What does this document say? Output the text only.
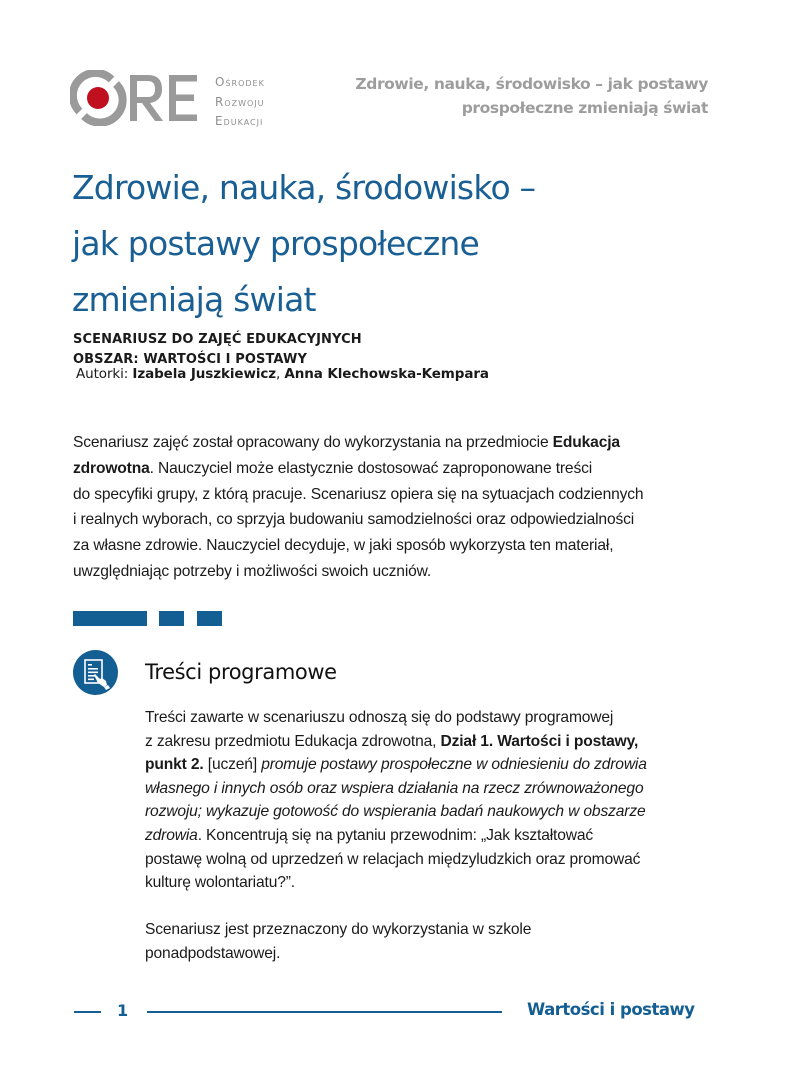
Ośrodek
Rozwoju
Edukacji
Zdrowie, nauka, środowisko – jak postawy
prospołeczne zmieniają świat
Zdrowie, nauka, środowisko –
jak postawy prospołeczne
zmieniają świat
SCENARIUSZ DO ZAJĘĆ EDUKACYJNYCH
OBSZAR: WARTOŚCI I POSTAWY
Autorki: Izabela Juszkiewicz, Anna Klechowska-Kempara
Scenariusz zajęć został opracowany do wykorzystania na przedmiocie Edukacja
zdrowotna. Nauczyciel może elastycznie dostosować zaproponowane treści
do specyfiki grupy, z którą pracuje. Scenariusz opiera się na sytuacjach codziennych
i realnych wyborach, co sprzyja budowaniu samodzielności oraz odpowiedzialności
za własne zdrowie. Nauczyciel decyduje, w jaki sposób wykorzysta ten materiał,
uwzględniając potrzeby i możliwości swoich uczniów.
Treści programowe
Treści zawarte w scenariuszu odnoszą się do podstawy programowej
z zakresu przedmiotu Edukacja zdrowotna, Dział 1. Wartości i postawy,
punkt 2. [uczeń] promuje postawy prospołeczne w odniesieniu do zdrowia
własnego i innych osób oraz wspiera działania na rzecz zrównoważonego
rozwoju; wykazuje gotowość do wspierania badań naukowych w obszarze
zdrowia. Koncentrują się na pytaniu przewodnim: „Jak kształtować
postawę wolną od uprzedzeń w relacjach międzyludzkich oraz promować
kulturę wolontariatu?”.
Scenariusz jest przeznaczony do wykorzystania w szkole
ponadpodstawowej.
1	Wartości i postawy
